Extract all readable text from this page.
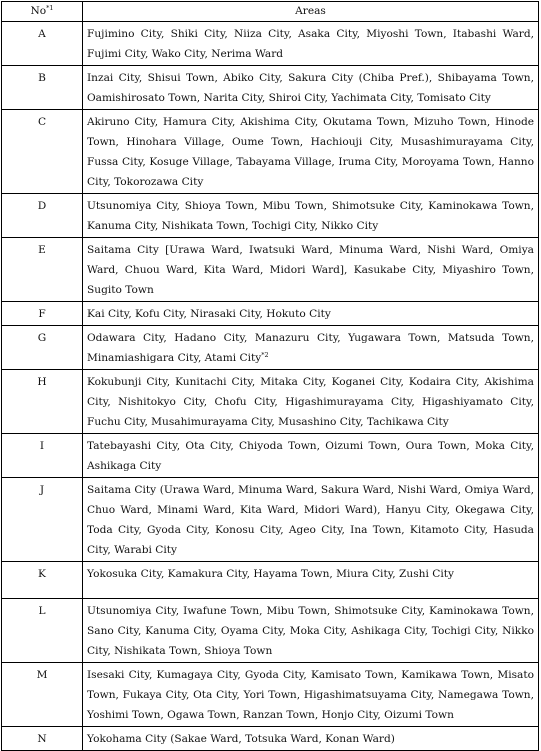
No$^{*1}$	Areas
A	Fujimino City, Shiki City, Niiza City, Asaka City, Miyoshi Town, Itabashi Ward, Fujimi City, Wako City, Nerima Ward
B	Inzai City, Shisui Town, Abiko City, Sakura City (Chiba Pref.), Shibayama Town, Oamishirosato Town, Narita City, Shiroi City, Yachimata City, Tomisato City
C	Akiruno City, Hamura City, Akishima City, Okutama Town, Mizuho Town, Hinode Town, Hinohara Village, Oume Town, Hachiouji City, Musashimurayama City, Fussa City, Kosuge Village, Tabayama Village, Iruma City, Moroyama Town, Hanno City, Tokorozawa City
D	Utsunomiya City, Shioya Town, Mibu Town, Shimotsuke City, Kaminokawa Town, Kanuma City, Nishikata Town, Tochigi City, Nikko City
E	Saitama City [Urawa Ward, Iwatsuki Ward, Minuma Ward, Nishi Ward, Omiya Ward, Chuou Ward, Kita Ward, Midori Ward], Kasukabe City, Miyashiro Town, Sugito Town
F	Kai City, Kofu City, Nirasaki City, Hokuto City
G	Odawara City, Hadano City, Manazuru City, Yugawara Town, Matsuda Town, Minamiashigara City, Atami City$^{*2}$
H	Kokubunji City, Kunitachi City, Mitaka City, Koganei City, Kodaira City, Akishima City, Nishitokyo City, Chofu City, Higashimurayama City, Higashiyamato City, Fuchu City, Musahimurayama City, Musashino City, Tachikawa City
I	Tatebayashi City, Ota City, Chiyoda Town, Oizumi Town, Oura Town, Moka City, Ashikaga City
J	Saitama City (Urawa Ward, Minuma Ward, Sakura Ward, Nishi Ward, Omiya Ward, Chuo Ward, Minami Ward, Kita Ward, Midori Ward), Hanyu City, Okegawa City, Toda City, Gyoda City, Konosu City, Ageo City, Ina Town, Kitamoto City, Hasuda City, Warabi City
K	Yokosuka City, Kamakura City, Hayama Town, Miura City, Zushi City
L	Utsunomiya City, Iwafune Town, Mibu Town, Shimotsuke City, Kaminokawa Town, Sano City, Kanuma City, Oyama City, Moka City, Ashikaga City, Tochigi City, Nikko City, Nishikata Town, Shioya Town
M	Isesaki City, Kumagaya City, Gyoda City, Kamisato Town, Kamikawa Town, Misato Town, Fukaya City, Ota City, Yori Town, Higashimatsuyama City, Namegawa Town, Yoshimi Town, Ogawa Town, Ranzan Town, Honjo City, Oizumi Town
N	Yokohama City (Sakae Ward, Totsuka Ward, Konan Ward)
